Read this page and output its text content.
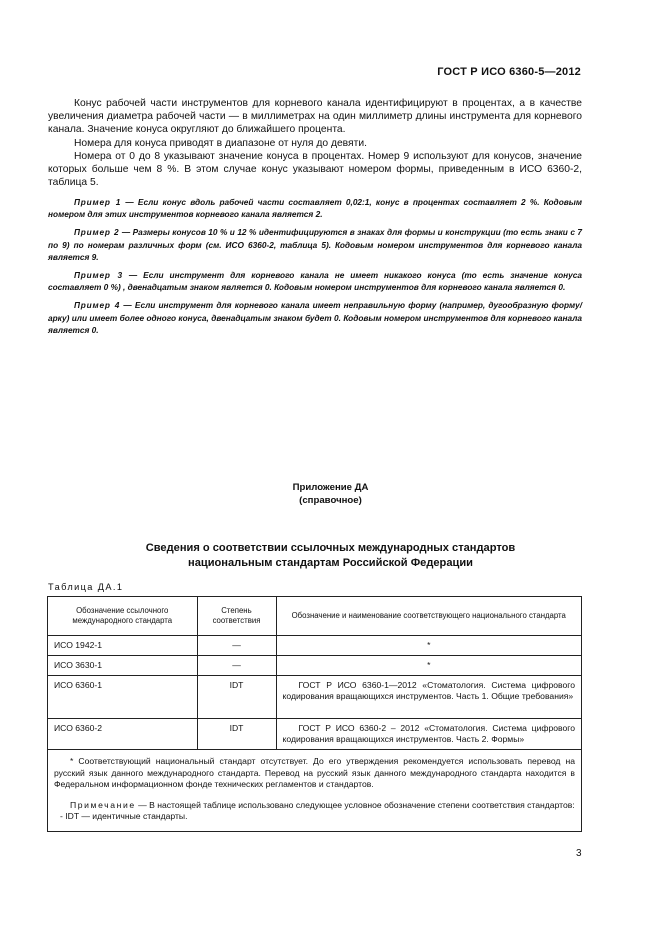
ГОСТ Р ИСО 6360-5—2012

Конус рабочей части инструментов для корневого канала идентифицируют в процентах, а в качестве увеличения диаметра рабочей части — в миллиметрах на один миллиметр длины инструмента для корневого канала. Значение конуса округляют до ближайшего процента.

Номера для конуса приводят в диапазоне от нуля до девяти.

Номера от 0 до 8 указывают значение конуса в процентах. Номер 9 используют для конусов, значение которых больше чем 8 %. В этом случае конус указывают номером формы, приведенным в ИСО 6360-2, таблица 5.

Пример 1 — Если конус вдоль рабочей части составляет 0,02:1, конус в процентах составляет 2 %. Кодовым номером для этих инструментов корневого канала является 2.

Пример 2 — Размеры конусов 10 % и 12 % идентифицируются в знаках для формы и конструкции (то есть знаки с 7 по 9) по номерам различных форм (см. ИСО 6360-2, таблица 5). Кодовым номером инструментов для корневого канала является 9.

Пример 3 — Если инструмент для корневого канала не имеет никакого конуса (то есть значение конуса составляет 0 %) , двенадцатым знаком является 0. Кодовым номером инструментов для корневого канала является 0.

Пример 4 — Если инструмент для корневого канала имеет неправильную форму (например, дугообразную форму/арку) или имеет более одного конуса, двенадцатым знаком будет 0. Кодовым номером инструментов для корневого канала является 0.

Приложение ДА
(справочное)
Сведения о соответствии ссылочных международных стандартов
национальным стандартам Российской Федерации
Таблица ДА.1
Обозначение ссылочного международного стандарта	Степень соответствия	Обозначение и наименование соответствующего национального стандарта
ИСО 1942-1	—	*
ИСО 3630-1	—	*
ИСО 6360-1	IDT	ГОСТ Р ИСО 6360-1—2012 «Стоматология. Система цифрового кодирования вращающихся инструментов. Часть 1. Общие требования»

ИСО 6360-2	IDT	ГОСТ Р ИСО 6360-2 – 2012 «Стоматология. Система цифрового кодирования вращающихся инструментов. Часть 2. Формы»

* Соответствующий национальный стандарт отсутствует. До его утверждения рекомендуется использовать перевод на русский язык данного международного стандарта. Перевод на русский язык данного международного стандарта находится в Федеральном информационном фонде технических регламентов и стандартов.

Примечание — В настоящей таблице использовано следующее условное обозначение степени соответствия стандартов:

- IDT — идентичные стандарты.

3
